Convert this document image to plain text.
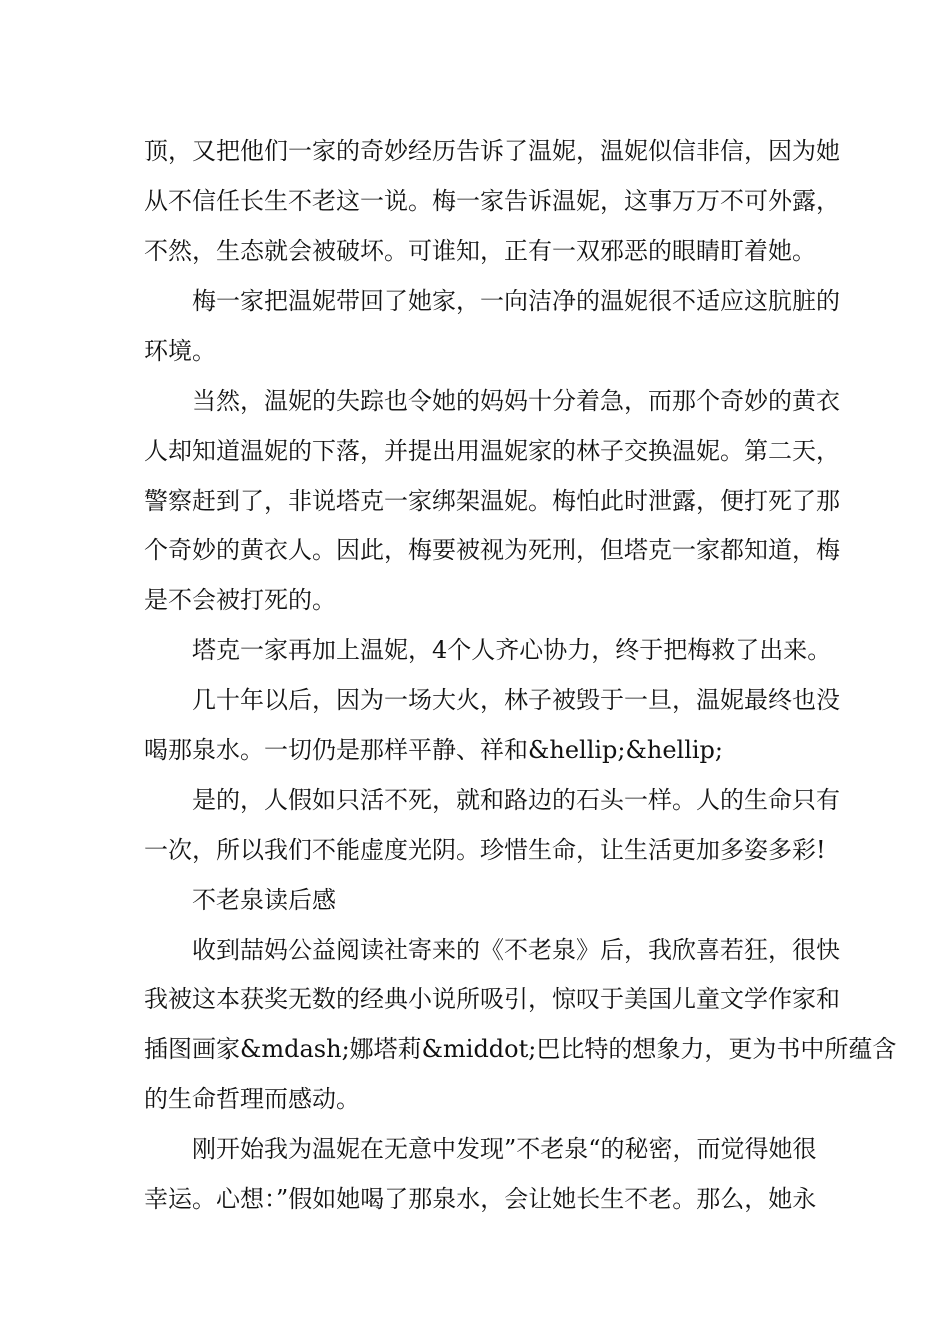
顶，又把他们一家的奇妙经历告诉了温妮，温妮似信非信，因为她
从不信任长生不老这一说。梅一家告诉温妮，这事万万不可外露，
不然，生态就会被破坏。可谁知，正有一双邪恶的眼睛盯着她。
梅一家把温妮带回了她家，一向洁净的温妮很不适应这肮脏的
环境。
当然，温妮的失踪也令她的妈妈十分着急，而那个奇妙的黄衣
人却知道温妮的下落，并提出用温妮家的林子交换温妮。第二天，
警察赶到了，非说塔克一家绑架温妮。梅怕此时泄露，便打死了那
个奇妙的黄衣人。因此，梅要被视为死刑，但塔克一家都知道，梅
是不会被打死的。
塔克一家再加上温妮，4个人齐心协力，终于把梅救了出来。
几十年以后，因为一场大火，林子被毁于一旦，温妮最终也没
喝那泉水。一切仍是那样平静、祥和&hellip;&hellip;
是的，人假如只活不死，就和路边的石头一样。人的生命只有
一次，所以我们不能虚度光阴。珍惜生命，让生活更加多姿多彩!
不老泉读后感
收到喆妈公益阅读社寄来的《不老泉》后，我欣喜若狂，很快
我被这本获奖无数的经典小说所吸引，惊叹于美国儿童文学作家和
插图画家&mdash;娜塔莉&middot;巴比特的想象力，更为书中所蕴含
的生命哲理而感动。
刚开始我为温妮在无意中发现”不老泉“的秘密，而觉得她很
幸运。心想：”假如她喝了那泉水，会让她长生不老。那么，她永
